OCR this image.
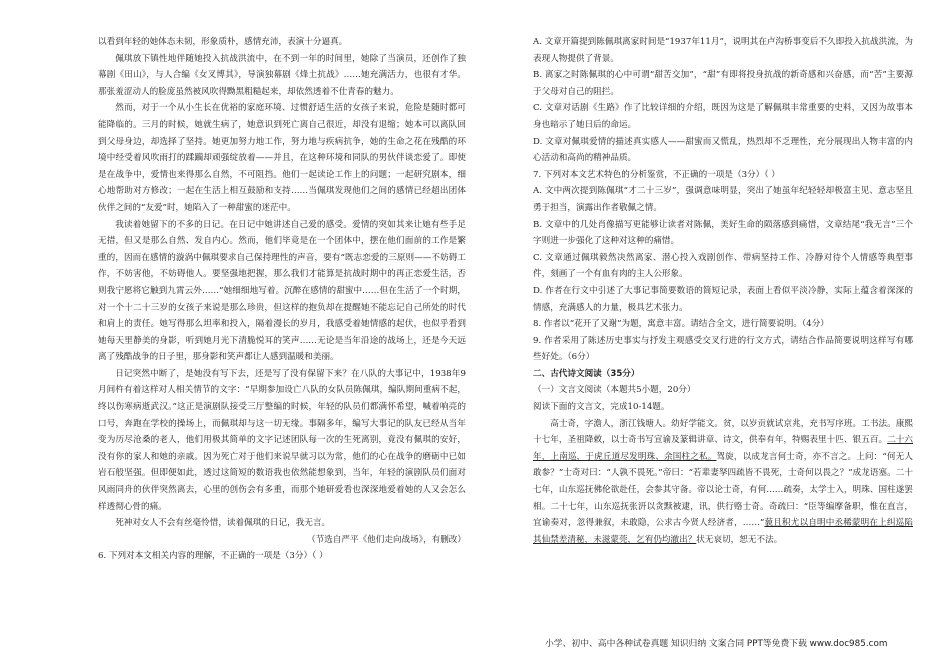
以看到年轻的她体态未韧，形象质朴，感情充沛，表演十分逼真。

佩琪放下镇性地伴随她投入抗战洪流中，在不到一年的时间里，她除了当演员，还创作了独幕剧《田山》，与人合编《女叉博其》，导演独幕剧《烽土抗战》……她充满活力，也很有才华。那张羞涩动人的脸庞虽然被风吹得黝黑粗糙起来，却依然透着不仕青春的魅力。

然而，对于一个从小生长在优裕的家庭环境、过惯舒适生活的女孩子来说，危险是随时都可能降临的。三月的时候，她就生病了，她意识到死亡离自己很近，却没有退缩；她本可以离队回到父母身边，却选择了坚持。她更加努力地工作，努力地与疾病抗争，她的生命之花在残酷的环境中经受着风吹雨打的蹂躏却顽强绽放着——并且，在这种环境和同队的男伙伴谈恋爱了。即使是在战争中，爱情也来得那么自然，不可阻挡。他们一起读论工作上的问题；一起研究剧本，细心地帮助对方修改；一起在生活上相互鼓励和支持……当佩琪发现他们之间的感情已经超出团体伙伴之间的“友爱”时，她陷入了一种甜蜜的迷茫中。

我读着她留下的不多的日记。在日记中她讲述自己爱的感受。爱情的突如其来让她有些手足无措，但又是那么自然、发自内心。然而，他们毕竟是在一个团体中，摆在他们面前的工作是繁重的，因而在感情的漩涡中佩琪要求自己保持理性的声音，要有“既志恋爱的三原则——不妨碍工作，不妨害他，不妨碍他人。要坚强地把握，那么我们才能算是抗战时期中的再正恋爱生活，否则我宁愿将它触到九霄云外……”她细细地写着。沉醉在感情的甜蜜中……但在生活了一个时期，对一个十二十三岁的女孩子来说是那么珍贵，但这样的抱负却在提醒她不能忘记自己所处的时代和肩上的责任。她写得那么坦率和投入，隔着漫长的岁月，我感受着她情感的起伏，也似乎看到她每天里静美的身影，听到她月光下清脆悦耳的笑声……无论是当年沿途的战场上，还是今天远离了残酷战争的日子里，那身影和笑声都让人感到温暖和美丽。

日记突然中断了，是她没有写下去，还是写了没有保留下来？在八队的大事记中，1938年9月间杵有着这样对人相关情节的文字：“早期参加设亡八队的女队员陈佩琪，编队期间重病不起，终以伤寒病逝武汉。”这正是演剧队接受三厅整编的时候，年轻的队员们都满怀希望，喊着响亮的口号，奔跑在学校的操场上，而佩琪却与这一切无缘。事隔多年，编写大事记的队友已经从当年变为历尽沧桑的老人，他们用极其简单的文字记述团队每一次的生死离别，竟没有佩琪的安好，没有你的家人和她的亲戚。因为死亡对于他们来说早就习以为常，他们的心在战争的磨砺中已如岩石般坚强。但即便如此，透过这简短的数语我也依然能想象到，当年，年轻的演剧队员们面对风雨同舟的伙伴突然离去，心里的创伤会有多重，而那个她研爱看也深深地爱着她的人又会怎么样透彻心骨的痛。

死神对女人不会有丝毫怜惜，读着佩琪的日记，我无言。

（节选自严平《他们走向战场》，有删改）

6. 下列对本文相关内容的理解，不正确的一项是（3分）（ ）

A. 文章开篇提到陈佩琪离家时间是“1937年11月”，说明其在卢沟桥事变后不久即投入抗战洪流，为表现人物提供了背景。

B. 离家之时陈佩琪的心中可谓“甜苦交加”，“甜”有即将投身抗战的新奇感和兴奋感，而“苦”主要源于父母对自己的阻拦。

C. 文章对话剧《生路》作了比较详细的介绍，既因为这是了解佩琪丰常重要的史料，又因为故事本身也暗示了她日后的命运。

D. 文章对佩琪爱情的描述真实感人——甜蜜而又慌乱，热烈却不乏理性，充分展现出人物丰富的内心活动和高尚的精神品质。

7. 下列对本文艺术特色的分析鉴赏，不正确的一项是（3分）（ ）

A. 文中两次提到陈佩琪“才二十三岁”，强调意味明显，突出了她虽年纪轻轻却极富主见、意志坚且勇于担当，演露出作者敬佩之情。

B. 文章中的几处肖像描写更能够让读者对陈佩，美好生命的陨落感到痛惜，文章结尾“我无言”三个字则进一步强化了这种对这种的痛惜。

C. 文章通过佩琪毅然决然离家、潜心投入戏剧创作、带病坚持工作、冷静对待个人情感等典型事件，刻画了一个有血有肉的主人公形象。

D. 作者在行文中引述了大事记事简要数语的简短记录，表面上看似平淡冷静，实际上蕴含着深深的情感，充满感人的力量，极具艺术张力。

8. 作者以“花开了又谢”为题，寓意丰富。请结合全文，进行简要说明。（4分）

9. 作者采用了陈述历史事实与抒发主观感受交叉行进的行文方式，请结合作品简要说明这样写有哪些好处。（6分）

二、古代诗文阅读（35分）

（一）文言文阅读（本题共5小题，20分）

阅读下面的文言文，完成10-14题。

高士奇，字澹人，浙江钱塘人。幼好学能文。贫，以岁贡就试京兆，充书写序班。工书法。康熙十七年，圣祖降敕，以士奇书写宣谕及篆辑讲章、诗文，供奉有年，特赐表里十匹、银五百。二十六年，上南巡，于虎丘道尽发明珠、余国柱之私。驾旋，以成龙言何士奇，亦不言之。上问：“何无人敢参？”士奇对曰：“人孰不畏死。”帝曰：“若辈妻孥四疏皆不畏死，士奇何以畏之？”成龙语塞。二十七年，山东巡抚佛伦欲赴任，会参其守备。帝以论士奇，有何……疏奏，太学士入，明珠、国柱遂罢相。二十七年，山东巡抚张汧以贪黩被逮，讯，供行赂士奇。奇疏曰：“臣等编摩备职，惟在直言，宜谕奏对，忽得兼叙，未敢隐，公求古今贤人经济者，……”藐且积尤以自明中丞稀蒙明在上纠巡陷其仙禁差清秘，未滋蒙莞，乞宥仍均澈出？状无哀切，恕无不法。

小学、初中、高中各种试卷真题 知识归纳 文案合同 PPT等免费下载 www.doc985.com
